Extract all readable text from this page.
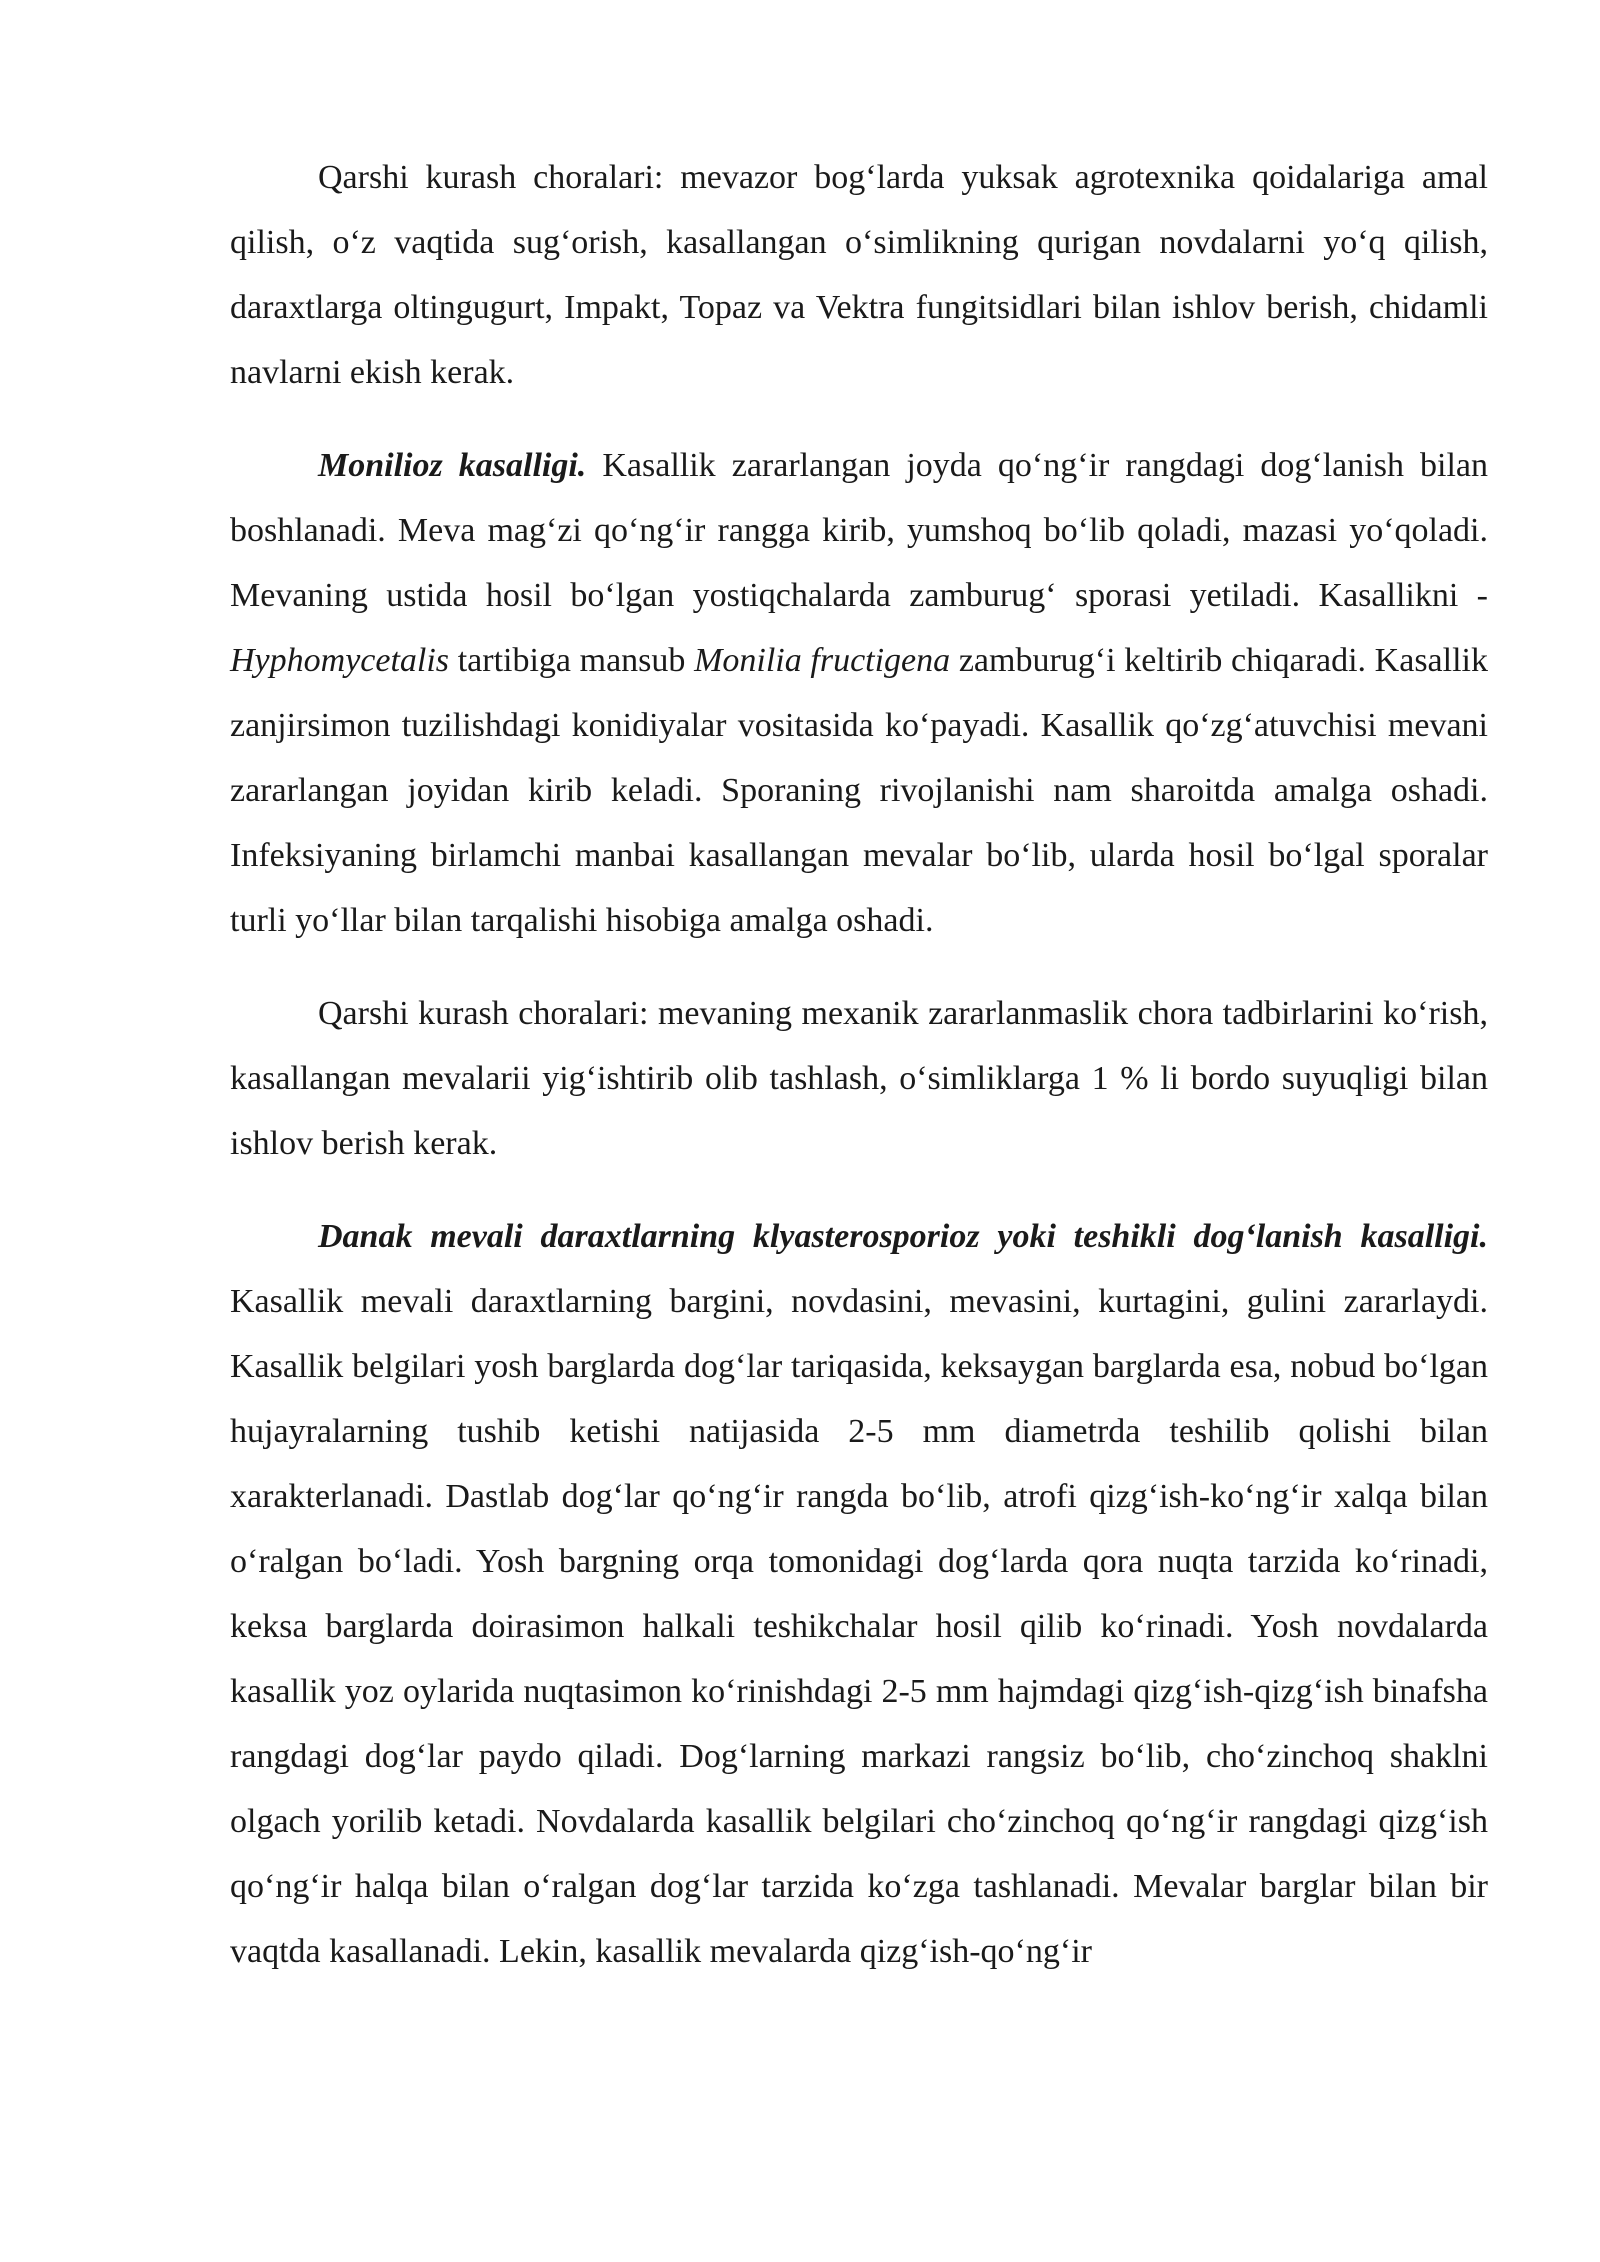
Qarshi kurash choralari: mevazor bog‘larda yuksak agrotexnika qoidalariga amal qilish, o‘z vaqtida sug‘orish, kasallangan o‘simlikning qurigan novdalarni yo‘q qilish, daraxtlarga oltingugurt, Impakt, Topaz va Vektra fungitsidlari bilan ishlov berish, chidamli navlarni ekish kerak.

Monilioz kasalligi. Kasallik zararlangan joyda qo‘ng‘ir rangdagi dog‘lanish bilan boshlanadi. Meva mag‘zi qo‘ng‘ir rangga kirib, yumshoq bo‘lib qoladi, mazasi yo‘qoladi. Mevaning ustida hosil bo‘lgan yostiqchalarda zamburug‘ sporasi yetiladi. Kasallikni - Hyphomycetalis tartibiga mansub Monilia fructigena zamburug‘i keltirib chiqaradi. Kasallik zanjirsimon tuzilishdagi konidiyalar vositasida ko‘payadi. Kasallik qo‘zg‘atuvchisi mevani zararlangan joyidan kirib keladi. Sporaning rivojlanishi nam sharoitda amalga oshadi. Infeksiyaning birlamchi manbai kasallangan mevalar bo‘lib, ularda hosil bo‘lgal sporalar turli yo‘llar bilan tarqalishi hisobiga amalga oshadi.

Qarshi kurash choralari: mevaning mexanik zararlanmaslik chora tadbirlarini ko‘rish, kasallangan mevalarii yig‘ishtirib olib tashlash, o‘simliklarga 1 % li bordo suyuqligi bilan ishlov berish kerak.

Danak mevali daraxtlarning klyasterosporioz yoki teshikli dog‘lanish kasalligi. Kasallik mevali daraxtlarning bargini, novdasini, mevasini, kurtagini, gulini zararlaydi. Kasallik belgilari yosh barglarda dog‘lar tariqasida, keksaygan barglarda esa, nobud bo‘lgan hujayralarning tushib ketishi natijasida 2-5 mm diametrda teshilib qolishi bilan xarakterlanadi. Dastlab dog‘lar qo‘ng‘ir rangda bo‘lib, atrofi qizg‘ish-ko‘ng‘ir xalqa bilan o‘ralgan bo‘ladi. Yosh bargning orqa tomonidagi dog‘larda qora nuqta tarzida ko‘rinadi, keksa barglarda doirasimon halkali teshikchalar hosil qilib ko‘rinadi. Yosh novdalarda kasallik yoz oylarida nuqtasimon ko‘rinishdagi 2-5 mm hajmdagi qizg‘ish-qizg‘ish binafsha rangdagi dog‘lar paydo qiladi. Dog‘larning markazi rangsiz bo‘lib, cho‘zinchoq shaklni olgach yorilib ketadi. Novdalarda kasallik belgilari cho‘zinchoq qo‘ng‘ir rangdagi qizg‘ish qo‘ng‘ir halqa bilan o‘ralgan dog‘lar tarzida ko‘zga tashlanadi. Mevalar barglar bilan bir vaqtda kasallanadi. Lekin, kasallik mevalarda qizg‘ish-qo‘ng‘ir
